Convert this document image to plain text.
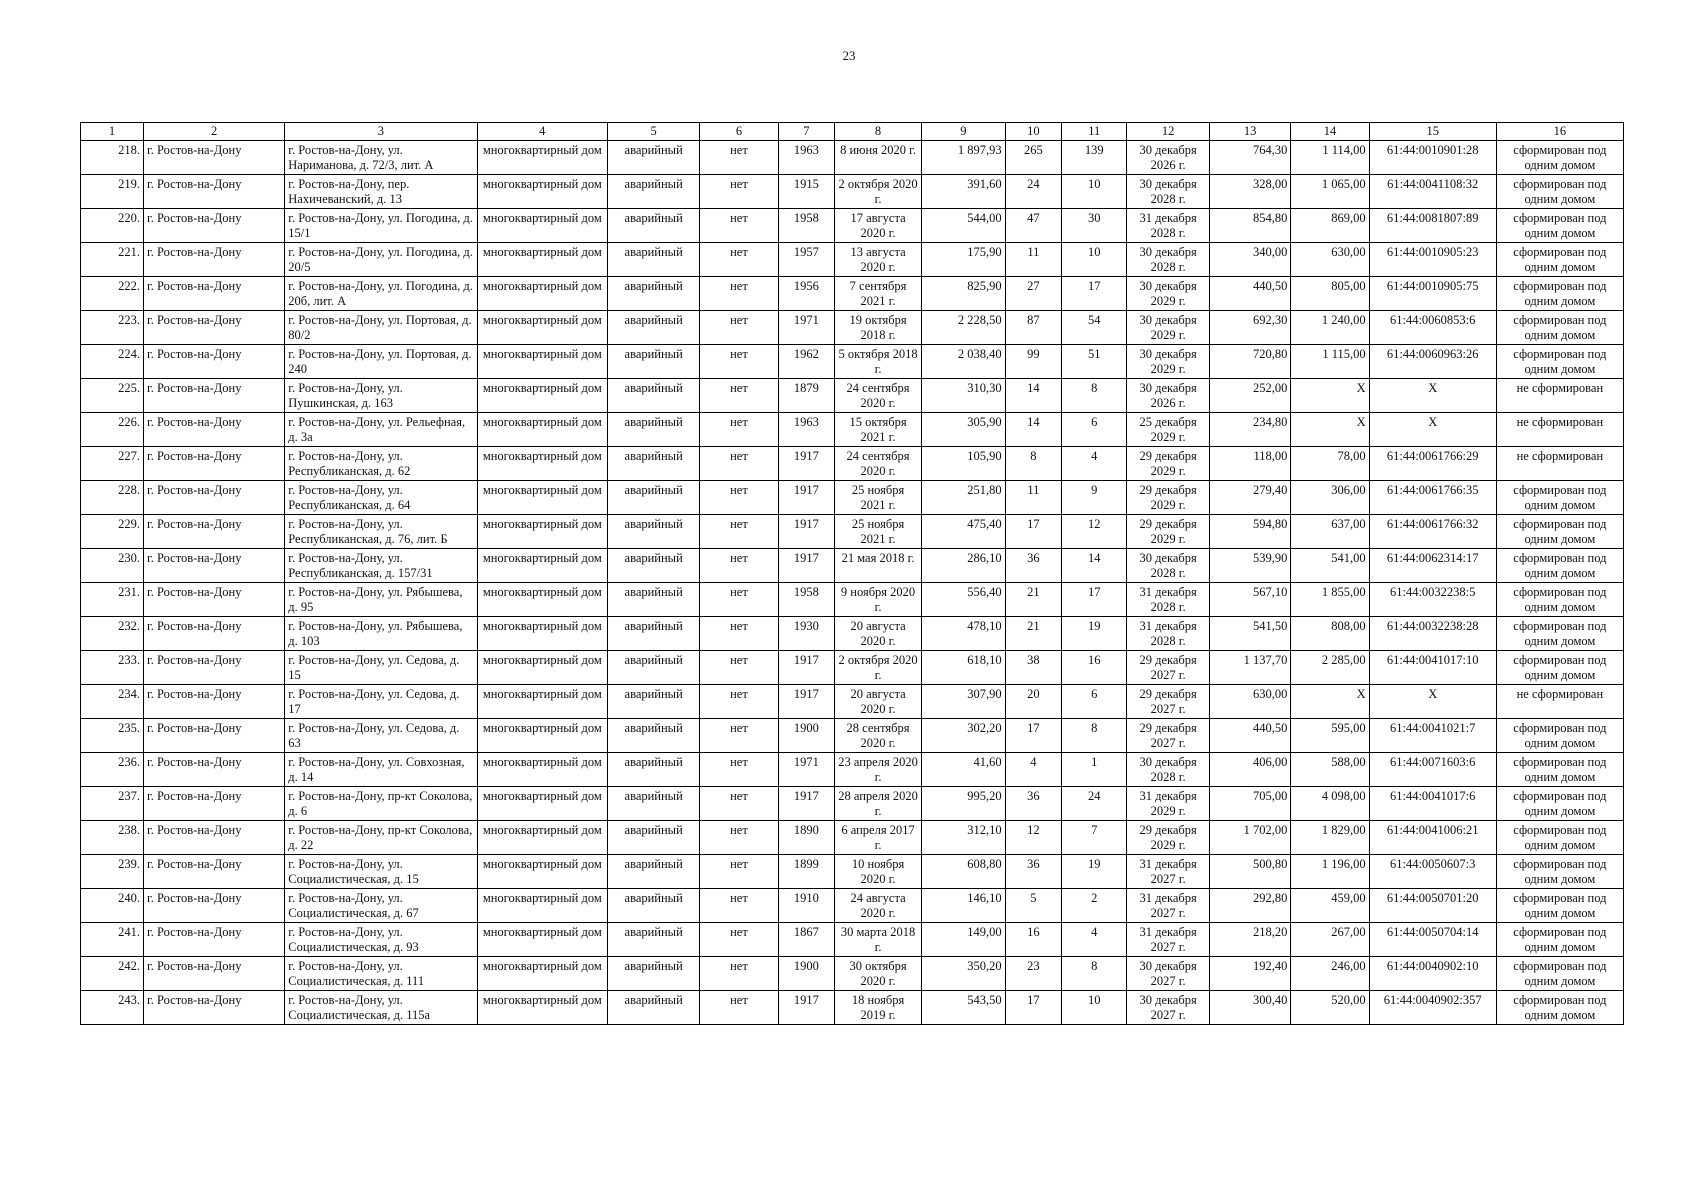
23
1	2	3	4	5	6	7	8	9	10	11	12	13	14	15	16
218.	г. Ростов-на-Дону	г. Ростов-на-Дону, ул. Нариманова, д. 72/3, лит. А	многоквартирный дом	аварийный	нет	1963	8 июня 2020 г.	1 897,93	265	139	30 декабря 2026 г.	764,30	1 114,00	61:44:0010901:28	сформирован под одним домом
219.	г. Ростов-на-Дону	г. Ростов-на-Дону, пер. Нахичеванский, д. 13	многоквартирный дом	аварийный	нет	1915	2 октября 2020 г.	391,60	24	10	30 декабря 2028 г.	328,00	1 065,00	61:44:0041108:32	сформирован под одним домом
220.	г. Ростов-на-Дону	г. Ростов-на-Дону, ул. Погодина, д. 15/1	многоквартирный дом	аварийный	нет	1958	17 августа 2020 г.	544,00	47	30	31 декабря 2028 г.	854,80	869,00	61:44:0081807:89	сформирован под одним домом
221.	г. Ростов-на-Дону	г. Ростов-на-Дону, ул. Погодина, д. 20/5	многоквартирный дом	аварийный	нет	1957	13 августа 2020 г.	175,90	11	10	30 декабря 2028 г.	340,00	630,00	61:44:0010905:23	сформирован под одним домом
222.	г. Ростов-на-Дону	г. Ростов-на-Дону, ул. Погодина, д. 20б, лит. А	многоквартирный дом	аварийный	нет	1956	7 сентября 2021 г.	825,90	27	17	30 декабря 2029 г.	440,50	805,00	61:44:0010905:75	сформирован под одним домом
223.	г. Ростов-на-Дону	г. Ростов-на-Дону, ул. Портовая, д. 80/2	многоквартирный дом	аварийный	нет	1971	19 октября 2018 г.	2 228,50	87	54	30 декабря 2029 г.	692,30	1 240,00	61:44:0060853:6	сформирован под одним домом
224.	г. Ростов-на-Дону	г. Ростов-на-Дону, ул. Портовая, д. 240	многоквартирный дом	аварийный	нет	1962	5 октября 2018 г.	2 038,40	99	51	30 декабря 2029 г.	720,80	1 115,00	61:44:0060963:26	сформирован под одним домом
225.	г. Ростов-на-Дону	г. Ростов-на-Дону, ул. Пушкинская, д. 163	многоквартирный дом	аварийный	нет	1879	24 сентября 2020 г.	310,30	14	8	30 декабря 2026 г.	252,00	Х	Х	не сформирован
226.	г. Ростов-на-Дону	г. Ростов-на-Дону, ул. Рельефная, д. 3а	многоквартирный дом	аварийный	нет	1963	15 октября 2021 г.	305,90	14	6	25 декабря 2029 г.	234,80	Х	Х	не сформирован
227.	г. Ростов-на-Дону	г. Ростов-на-Дону, ул. Республиканская, д. 62	многоквартирный дом	аварийный	нет	1917	24 сентября 2020 г.	105,90	8	4	29 декабря 2029 г.	118,00	78,00	61:44:0061766:29	не сформирован
228.	г. Ростов-на-Дону	г. Ростов-на-Дону, ул. Республиканская, д. 64	многоквартирный дом	аварийный	нет	1917	25 ноября 2021 г.	251,80	11	9	29 декабря 2029 г.	279,40	306,00	61:44:0061766:35	сформирован под одним домом
229.	г. Ростов-на-Дону	г. Ростов-на-Дону, ул. Республиканская, д. 76, лит. Б	многоквартирный дом	аварийный	нет	1917	25 ноября 2021 г.	475,40	17	12	29 декабря 2029 г.	594,80	637,00	61:44:0061766:32	сформирован под одним домом
230.	г. Ростов-на-Дону	г. Ростов-на-Дону, ул. Республиканская, д. 157/31	многоквартирный дом	аварийный	нет	1917	21 мая 2018 г.	286,10	36	14	30 декабря 2028 г.	539,90	541,00	61:44:0062314:17	сформирован под одним домом
231.	г. Ростов-на-Дону	г. Ростов-на-Дону, ул. Рябышева, д. 95	многоквартирный дом	аварийный	нет	1958	9 ноября 2020 г.	556,40	21	17	31 декабря 2028 г.	567,10	1 855,00	61:44:0032238:5	сформирован под одним домом
232.	г. Ростов-на-Дону	г. Ростов-на-Дону, ул. Рябышева, д. 103	многоквартирный дом	аварийный	нет	1930	20 августа 2020 г.	478,10	21	19	31 декабря 2028 г.	541,50	808,00	61:44:0032238:28	сформирован под одним домом
233.	г. Ростов-на-Дону	г. Ростов-на-Дону, ул. Седова, д. 15	многоквартирный дом	аварийный	нет	1917	2 октября 2020 г.	618,10	38	16	29 декабря 2027 г.	1 137,70	2 285,00	61:44:0041017:10	сформирован под одним домом
234.	г. Ростов-на-Дону	г. Ростов-на-Дону, ул. Седова, д. 17	многоквартирный дом	аварийный	нет	1917	20 августа 2020 г.	307,90	20	6	29 декабря 2027 г.	630,00	Х	Х	не сформирован
235.	г. Ростов-на-Дону	г. Ростов-на-Дону, ул. Седова, д. 63	многоквартирный дом	аварийный	нет	1900	28 сентября 2020 г.	302,20	17	8	29 декабря 2027 г.	440,50	595,00	61:44:0041021:7	сформирован под одним домом
236.	г. Ростов-на-Дону	г. Ростов-на-Дону, ул. Совхозная, д. 14	многоквартирный дом	аварийный	нет	1971	23 апреля 2020 г.	41,60	4	1	30 декабря 2028 г.	406,00	588,00	61:44:0071603:6	сформирован под одним домом
237.	г. Ростов-на-Дону	г. Ростов-на-Дону, пр-кт Соколова, д. 6	многоквартирный дом	аварийный	нет	1917	28 апреля 2020 г.	995,20	36	24	31 декабря 2029 г.	705,00	4 098,00	61:44:0041017:6	сформирован под одним домом
238.	г. Ростов-на-Дону	г. Ростов-на-Дону, пр-кт Соколова, д. 22	многоквартирный дом	аварийный	нет	1890	6 апреля 2017 г.	312,10	12	7	29 декабря 2029 г.	1 702,00	1 829,00	61:44:0041006:21	сформирован под одним домом
239.	г. Ростов-на-Дону	г. Ростов-на-Дону, ул. Социалистическая, д. 15	многоквартирный дом	аварийный	нет	1899	10 ноября 2020 г.	608,80	36	19	31 декабря 2027 г.	500,80	1 196,00	61:44:0050607:3	сформирован под одним домом
240.	г. Ростов-на-Дону	г. Ростов-на-Дону, ул. Социалистическая, д. 67	многоквартирный дом	аварийный	нет	1910	24 августа 2020 г.	146,10	5	2	31 декабря 2027 г.	292,80	459,00	61:44:0050701:20	сформирован под одним домом
241.	г. Ростов-на-Дону	г. Ростов-на-Дону, ул. Социалистическая, д. 93	многоквартирный дом	аварийный	нет	1867	30 марта 2018 г.	149,00	16	4	31 декабря 2027 г.	218,20	267,00	61:44:0050704:14	сформирован под одним домом
242.	г. Ростов-на-Дону	г. Ростов-на-Дону, ул. Социалистическая, д. 111	многоквартирный дом	аварийный	нет	1900	30 октября 2020 г.	350,20	23	8	30 декабря 2027 г.	192,40	246,00	61:44:0040902:10	сформирован под одним домом
243.	г. Ростов-на-Дону	г. Ростов-на-Дону, ул. Социалистическая, д. 115а	многоквартирный дом	аварийный	нет	1917	18 ноября 2019 г.	543,50	17	10	30 декабря 2027 г.	300,40	520,00	61:44:0040902:357	сформирован под одним домом
